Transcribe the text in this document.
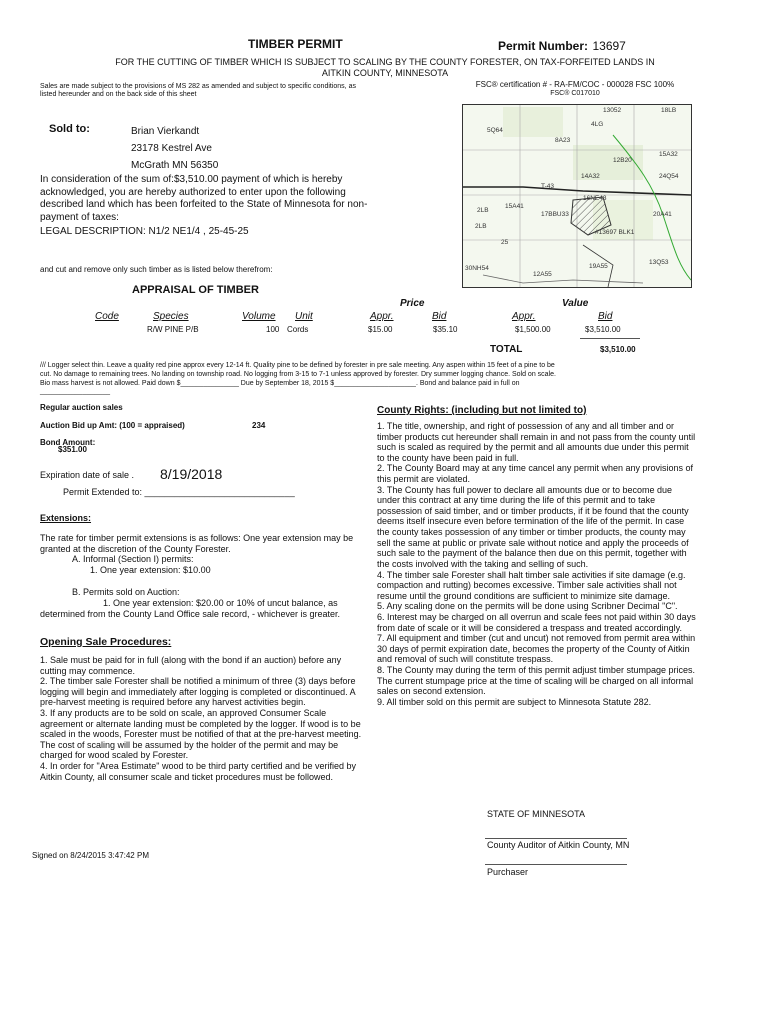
TIMBER PERMIT	Permit Number: 13697
FOR THE CUTTING OF TIMBER WHICH IS SUBJECT TO SCALING BY THE COUNTY FORESTER, ON TAX-FORFEITED LANDS IN
AITKIN COUNTY, MINNESOTA
Sales are made subject to the provisions of MS 282 as amended and subject to specific conditions, as
listed hereunder and on the back side of this sheet
FSC® certification # - RA-FM/COC - 000028 FSC 100%
FSC® C017010
Sold to:	Brian Vierkandt
23178 Kestrel Ave
McGrath MN 56350
In consideration of the sum of:$3,510.00 payment of which is hereby
acknowledged, you are hereby authorized to enter upon the following
described land which has been forfeited to the State of Minnesota for non-
payment of taxes:
LEGAL DESCRIPTION: N1/2 NE1/4 , 25-45-25
and cut and remove only such timber as is listed below therefrom:
13052	18LB
4LG
5Q64
8A23
15A32
12B20
14A32	24Q54
T-43
15A41
16NE43
20A41
17BBU33
#13697 BLK1
2LB
25
30NH54
12A55
19A55
13Q53
2LB
APPRAISAL OF TIMBER
Price	Value
Code	Species	Volume Unit	Appr.	Bid	Appr.	Bid
R/W PINE P/B	100 Cords	$15.00	$35.10	$1,500.00	$3,510.00
TOTAL	$3,510.00
/// Logger select thin. Leave a quality red pine approx every 12-14 ft. Quality pine to be defined by forester in pre sale meeting. Any aspen within 15 feet of a pine to be
cut. No damage to remaining trees. No landing on township road. No logging from 3-15 to 7-1 unless approved by forester. Dry summer logging chance. Sold on scale.
Bio mass harvest is not allowed. Paid down $_______________ Due by September 18, 2015 $_____________________. Bond and balance paid in full on
__________________
Regular auction sales
Auction Bid up Amt: (100 = appraised)	234
Bond Amount:
$351.00
Expiration date of sale . 8/19/2018
Permit Extended to: ______________________________
Extensions:
The rate for timber permit extensions is as follows: One year extension may be granted at the discretion of the County Forester.
A. Informal (Section I) permits:
1. One year extension: $10.00
B. Permits sold on Auction:
1. One year extension: $20.00 or 10% of uncut balance, as determined from the County Land Office sale record, - whichever is greater.
Opening Sale Procedures:
1. Sale must be paid for in full (along with the bond if an auction) before any cutting may commence.
2. The timber sale Forester shall be notified a minimum of three (3) days before logging will begin and immediately after logging is completed or discontinued. A pre-harvest meeting is required before any harvest activities begin.
3. If any products are to be sold on scale, an approved Consumer Scale agreement or alternate landing must be completed by the logger. If wood is to be scaled in the woods, Forester must be notified of that at the pre-harvest meeting. The cost of scaling will be assumed by the holder of the permit and may be charged for wood scaled by Forester.
4. In order for "Area Estimate" wood to be third party certified and be verified by Aitkin County, all consumer scale and ticket procedures must be followed.
Signed on 8/24/2015 3:47:42 PM
County Rights: (including but not limited to)
1. The title, ownership, and right of possession of any and all timber and or timber products cut hereunder shall remain in and not pass from the county until such is scaled as required by the permit and all amounts due under this permit to the county have been paid in full.
2. The County Board may at any time cancel any permit when any provisions of this permit are violated.
3. The County has full power to declare all amounts due or to become due under this contract at any time during the life of this permit and to take possession of said timber, and or timber products, if it be found that the county deems itself insecure even before termination of the life of the permit. In case the county takes possession of any timber or timber products, the county may sell the same at public or private sale without notice and apply the proceeds of such sale to the payment of the balance then due on this permit, together with the costs involved with the taking and selling of such.
4. The timber sale Forester shall halt timber sale activities if site damage (e.g. compaction and rutting) becomes excessive. Timber sale activities shall not resume until the ground conditions are sufficient to minimize site damage.
5. Any scaling done on the permits will be done using Scribner Decimal "C".
6. Interest may be charged on all overrun and scale fees not paid within 30 days from date of scale or it will be considered a trespass and treated accordingly.
7. All equipment and timber (cut and uncut) not removed from permit area within 30 days of permit expiration date, becomes the property of the County of Aitkin and removal of such will constitute trespass.
8. The County may during the term of this permit adjust timber stumpage prices. The current stumpage price at the time of scaling will be charged on all informal sales on second extension.
9. All timber sold on this permit are subject to Minnesota Statute 282.
STATE OF MINNESOTA
County Auditor of Aitkin County, MN
Purchaser
